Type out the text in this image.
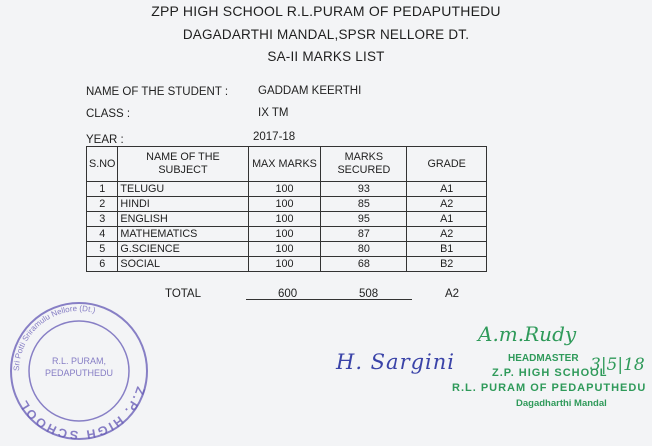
ZPP HIGH SCHOOL R.L.PURAM OF PEDAPUTHEDU
DAGADARTHI MANDAL,SPSR NELLORE DT.
SA-II MARKS LIST
NAME OF THE STUDENT :	GADDAM KEERTHI
CLASS :	IX TM
YEAR :	2017-18
S.NO	NAME OF THE SUBJECT	MAX MARKS	MARKS SECURED	GRADE
1	TELUGU	100	93	A1
2	HINDI	100	85	A2
3	ENGLISH	100	95	A1
4	MATHEMATICS	100	87	A2
5	G.SCIENCE	100	80	B1
6	SOCIAL	100	68	B2
TOTAL	600	508	A2
Sri Potti Sriramulu Nellore (Dt.)
Z.P. HIGH SCHOOL
R.L. PURAM,
PEDAPUTHEDU	H. Sargini
A.m.Rudy
3|5|18
HEADMASTER
Z.P. HIGH SCHOOL
R.L. PURAM OF PEDAPUTHEDU
Dagadharthi Mandal
